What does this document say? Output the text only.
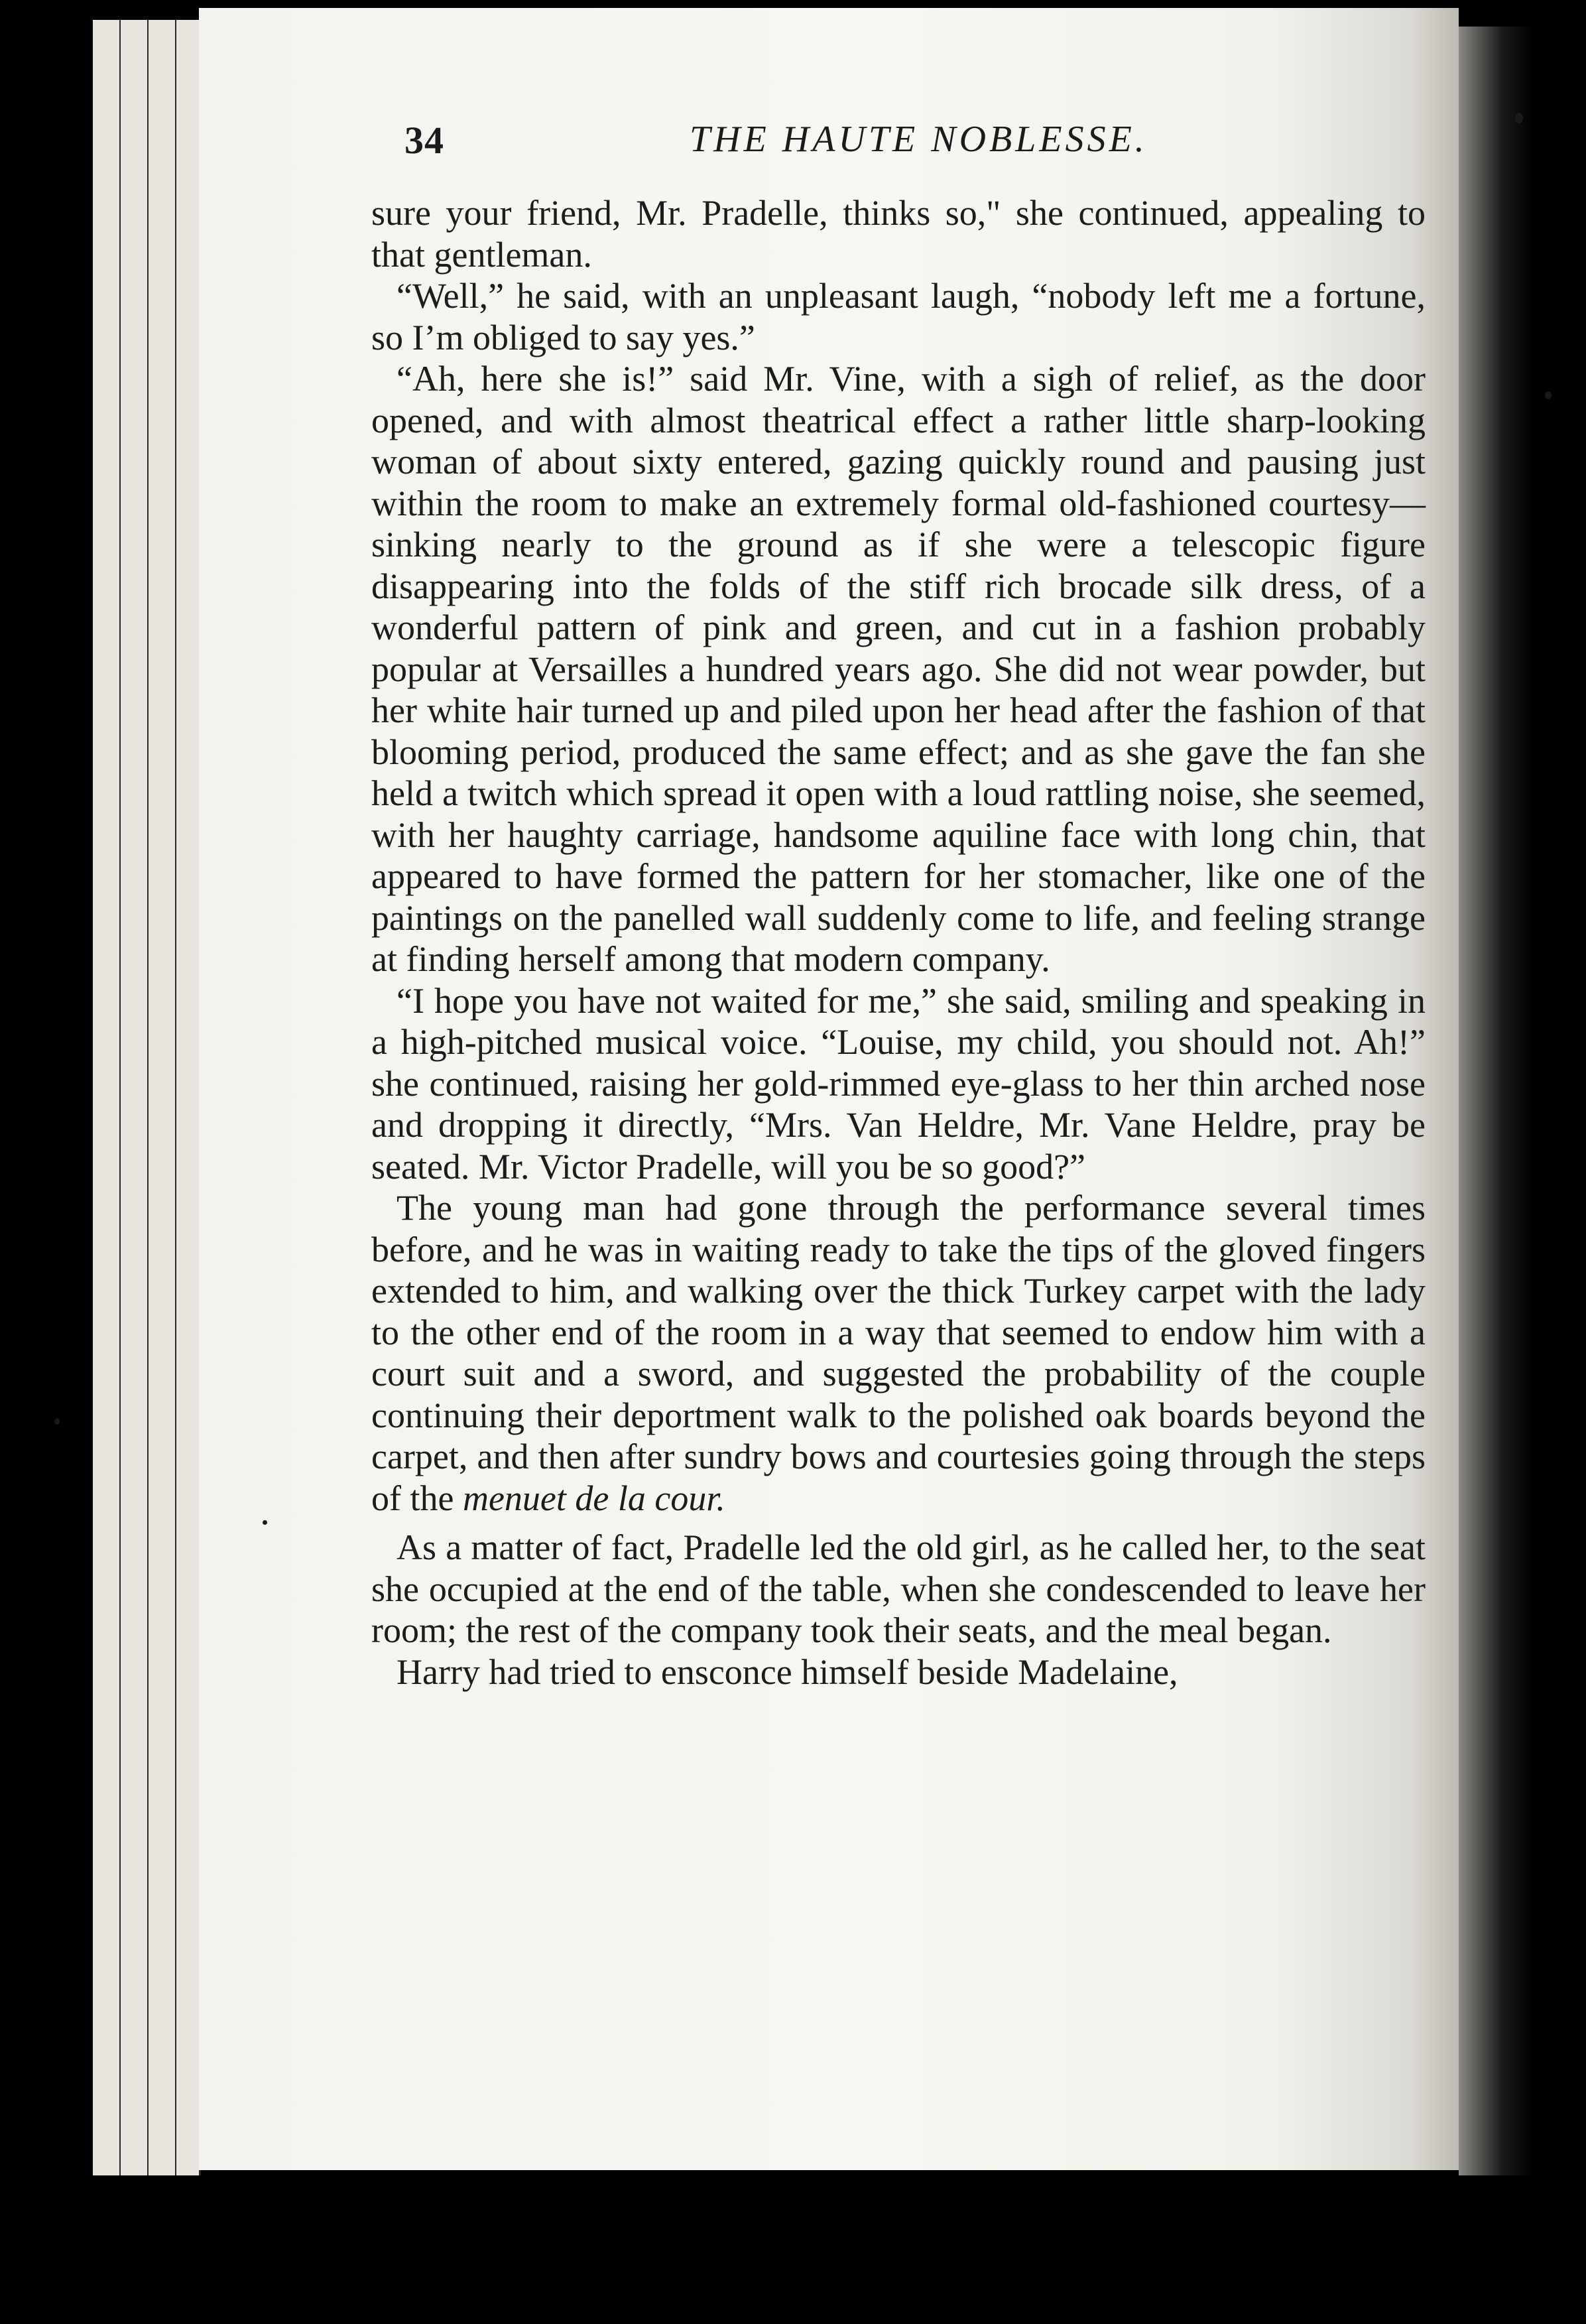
34	THE HAUTE NOBLESSE.

sure your friend, Mr. Pradelle, thinks so," she continued, appealing to that gentleman.

“Well,” he said, with an unpleasant laugh, “nobody left me a fortune, so I’m obliged to say yes.”

“Ah, here she is!” said Mr. Vine, with a sigh of relief, as the door opened, and with almost theatrical effect a rather little sharp-looking woman of about sixty entered, gazing quickly round and pausing just within the room to make an extremely formal old-fashioned courtesy—sinking nearly to the ground as if she were a telescopic figure disappearing into the folds of the stiff rich brocade silk dress, of a wonderful pattern of pink and green, and cut in a fashion probably popular at Versailles a hundred years ago. She did not wear powder, but her white hair turned up and piled upon her head after the fashion of that blooming period, produced the same effect; and as she gave the fan she held a twitch which spread it open with a loud rattling noise, she seemed, with her haughty carriage, handsome aquiline face with long chin, that appeared to have formed the pattern for her stomacher, like one of the paintings on the panelled wall suddenly come to life, and feeling strange at finding herself among that modern company.

“I hope you have not waited for me,” she said, smiling and speaking in a high-pitched musical voice. “Louise, my child, you should not. Ah!” she continued, raising her gold-rimmed eye-glass to her thin arched nose and dropping it directly, “Mrs. Van Heldre, Mr. Vane Heldre, pray be seated. Mr. Victor Pradelle, will you be so good?”

The young man had gone through the performance several times before, and he was in waiting ready to take the tips of the gloved fingers extended to him, and walking over the thick Turkey carpet with the lady to the other end of the room in a way that seemed to endow him with a court suit and a sword, and suggested the probability of the couple continuing their deportment walk to the polished oak boards beyond the carpet, and then after sundry bows and courtesies going through the steps of the menuet de la cour.

As a matter of fact, Pradelle led the old girl, as he called her, to the seat she occupied at the end of the table, when she condescended to leave her room; the rest of the company took their seats, and the meal began.

Harry had tried to ensconce himself beside Madelaine,
